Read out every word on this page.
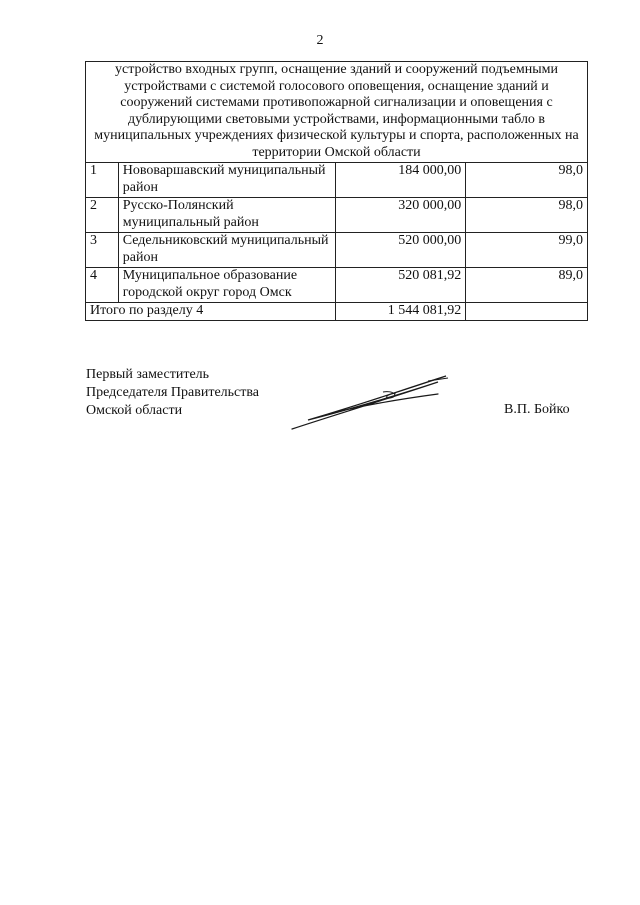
2
устройство входных групп, оснащение зданий и сооружений подъемными устройствами с системой голосового оповещения, оснащение зданий и сооружений системами противопожарной сигнализации и оповещения с дублирующими световыми устройствами, информационными табло в муниципальных учреждениях физической культуры и спорта, расположенных на территории Омской области			
1	Нововаршавский муниципальный район	184 000,00	98,0
2	Русско-Полянский муниципальный район	320 000,00	98,0
3	Седельниковский муниципальный район	520 000,00	99,0
4	Муниципальное образование городской округ город Омск	520 081,92	89,0
Итого по разделу 4		1 544 081,92	
Первый заместитель
Председателя Правительства
Омской области	В.П. Бойко
